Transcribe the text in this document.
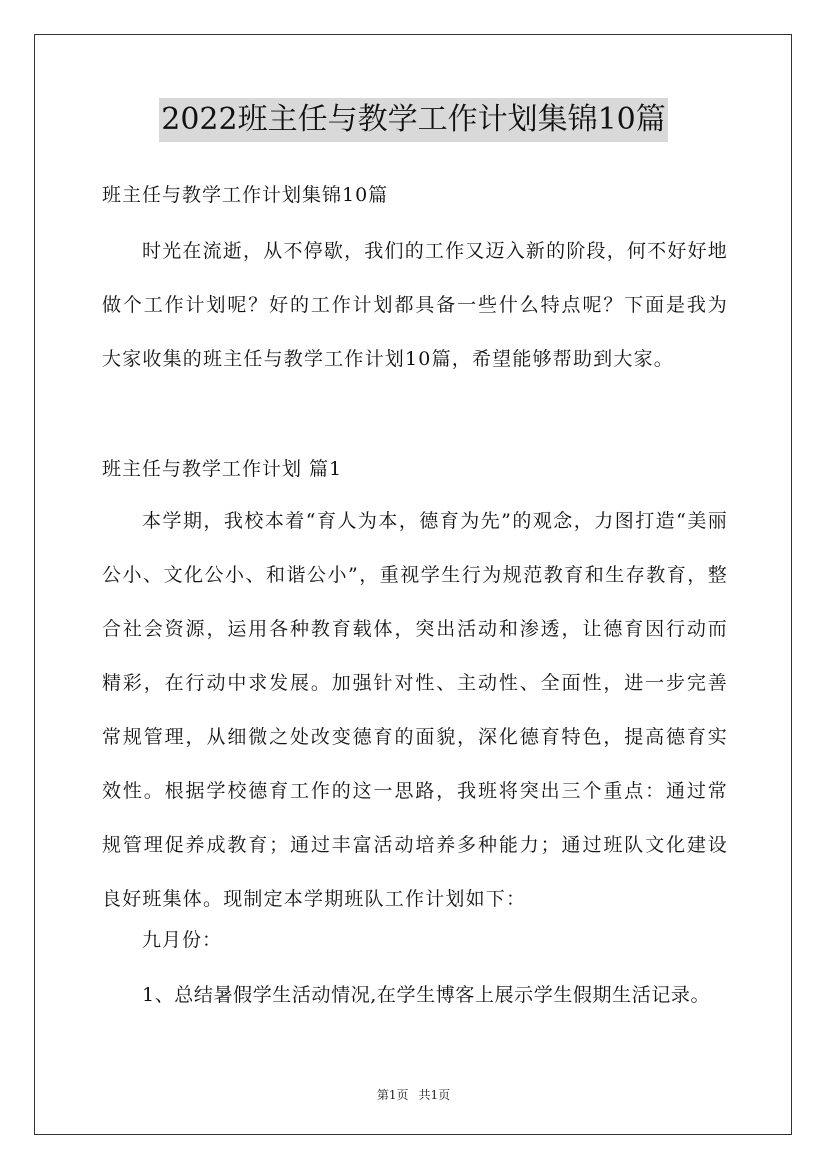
2022班主任与教学工作计划集锦10篇
班主任与教学工作计划集锦10篇

时光在流逝，从不停歇，我们的工作又迈入新的阶段，何不好好地做个工作计划呢？好的工作计划都具备一些什么特点呢？下面是我为大家收集的班主任与教学工作计划10篇，希望能够帮助到大家。

班主任与教学工作计划 篇1

本学期，我校本着“育人为本，德育为先”的观念，力图打造“美丽公小、文化公小、和谐公小”，重视学生行为规范教育和生存教育，整合社会资源，运用各种教育载体，突出活动和渗透，让德育因行动而精彩，在行动中求发展。加强针对性、主动性、全面性，进一步完善常规管理，从细微之处改变德育的面貌，深化德育特色，提高德育实效性。根据学校德育工作的这一思路，我班将突出三个重点：通过常规管理促养成教育；通过丰富活动培养多种能力；通过班队文化建设良好班集体。现制定本学期班队工作计划如下：

九月份：
1、总结暑假学生活动情况,在学生博客上展示学生假期生活记录。
第1页 共1页
